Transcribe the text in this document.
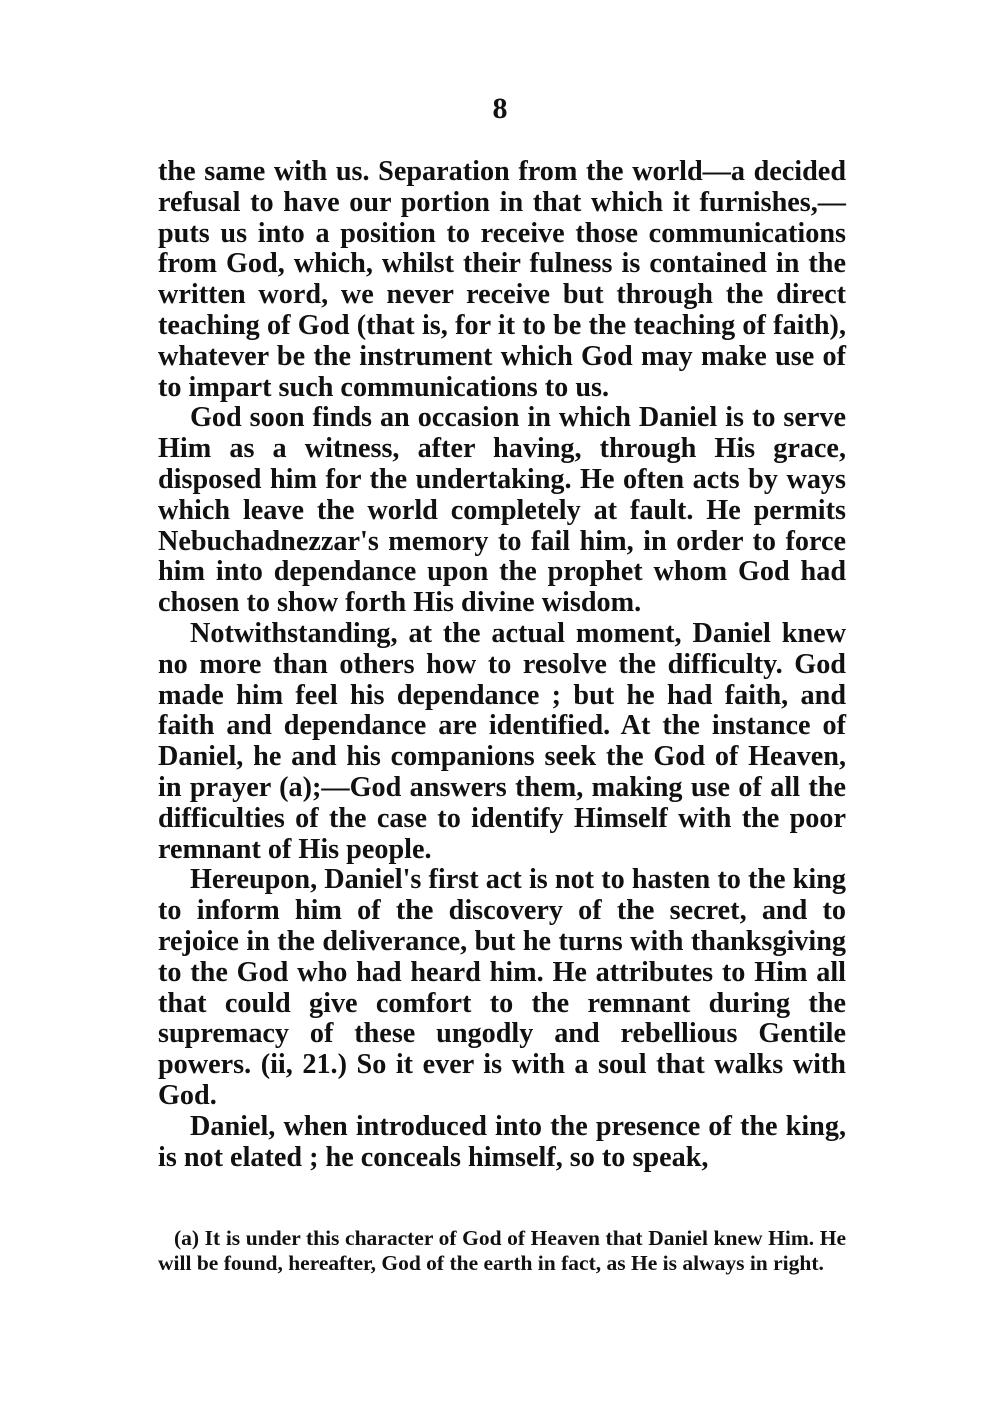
8

the same with us. Separation from the world—a decided refusal to have our portion in that which it furnishes,—puts us into a position to receive those communications from God, which, whilst their fulness is contained in the written word, we never receive but through the direct teaching of God (that is, for it to be the teaching of faith), whatever be the instrument which God may make use of to impart such communications to us.

God soon finds an occasion in which Daniel is to serve Him as a witness, after having, through His grace, disposed him for the undertaking. He often acts by ways which leave the world completely at fault. He permits Nebuchadnezzar's memory to fail him, in order to force him into dependance upon the prophet whom God had chosen to show forth His divine wisdom.

Notwithstanding, at the actual moment, Daniel knew no more than others how to resolve the difficulty. God made him feel his dependance ; but he had faith, and faith and dependance are identified. At the instance of Daniel, he and his companions seek the God of Heaven, in prayer (a);—God answers them, making use of all the difficulties of the case to identify Himself with the poor remnant of His people.

Hereupon, Daniel's first act is not to hasten to the king to inform him of the discovery of the secret, and to rejoice in the deliverance, but he turns with thanksgiving to the God who had heard him. He attributes to Him all that could give comfort to the remnant during the supremacy of these ungodly and rebellious Gentile powers. (ii, 21.) So it ever is with a soul that walks with God.

Daniel, when introduced into the presence of the king, is not elated ; he conceals himself, so to speak,

(a) It is under this character of God of Heaven that Daniel knew Him. He will be found, hereafter, God of the earth in fact, as He is always in right.
